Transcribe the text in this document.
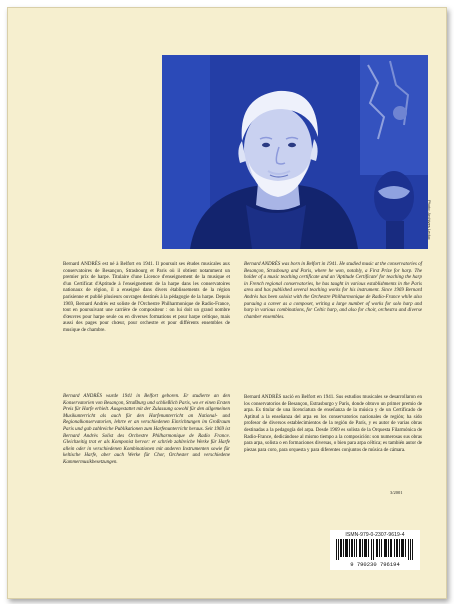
Photo: Archives Leduc

Bernard ANDRÈS est né à Belfort en 1941. Il poursuit ses études musicales aux conservatoires de Besançon, Strasbourg et Paris où il obtient notamment un premier prix de harpe. Titulaire d'une Licence d'enseignement de la musique et d'un Certificat d'Aptitude à l'enseignement de la harpe dans les conservatoires nationaux de région, il a enseigné dans divers établissements de la région parisienne et publié plusieurs ouvrages destinés à la pédagogie de la harpe. Depuis 1969, Bernard Andrès est soliste de l'Orchestre Philharmonique de Radio-France, tout en poursuivant une carrière de compositeur : on lui doit un grand nombre d'œuvres pour harpe seule ou en diverses formations et pour harpe celtique, mais aussi des pages pour chœur, pour orchestre et pour différents ensembles de musique de chambre.

Bernard ANDRÈS was born in Belfort in 1941. He studied music at the conservatories of Besançon, Strasbourg and Paris, where he won, notably, a First Prize for harp. The holder of a music teaching certificate and an 'Aptitude Certificate' for teaching the harp in French regional conservatories, he has taught in various establishments in the Paris area and has published several teaching works for his instrument. Since 1969 Bernard Andrès has been soloist with the Orchestre Philharmonique de Radio-France while also pursuing a career as a composer, writing a large number of works for solo harp and harp in various combinations, for Celtic harp, and also for choir, orchestra and diverse chamber ensembles.

Bernard ANDRÈS wurde 1941 in Belfort geboren. Er studierte an den Konservatorien von Besançon, Straßburg und schließlich Paris, wo er einen Ersten Preis für Harfe erhielt. Ausgestattet mit der Zulassung sowohl für den allgemeinen Musikunterricht als auch für den Harfenunterricht an National- und Regionalkonservatorien, lehrte er an verschiedenen Einrichtungen im Großraum Paris und gab zahlreiche Publikationen zum Harfenunterricht heraus. Seit 1969 ist Bernard Andrès Solist des Orchestre Philharmonique de Radio France. Gleichzeitig trat er als Komponist hervor: er schrieb zahlreiche Werke für Harfe allein oder in verschiedenen Kombinationen mit anderen Instrumenten sowie für keltische Harfe, aber auch Werke für Chor, Orchester und verschiedene Kammermusikbesetzungen.

Bernard ANDRÈS nació en Belfort en 1941. Sus estudios musicales se desarrollaron en los conservatorios de Besançon, Estrasburgo y París, donde obtuvo un primer premio de arpa. Es titular de una licenciatura de enseñanza de la música y de un Certificado de Aptitud a la enseñanza del arpa en los conservatorios nacionales de región; ha sido profesor de diversos establecimientos de la región de París, y es autor de varias obras destinadas a la pedagogía del arpa. Desde 1969 es solista de la Orquesta Filarmónica de Radio-France, dedicándose al mismo tiempo a la composición: son numerosas sus obras para arpa, solista o en formaciones diversas, o bien para arpa céltica; es también autor de piezas para coro, para orquesta y para diferentes conjuntos de música de cámara.

3/2001
ISMN-979-0-2307-9619-4
9 790230 796194
